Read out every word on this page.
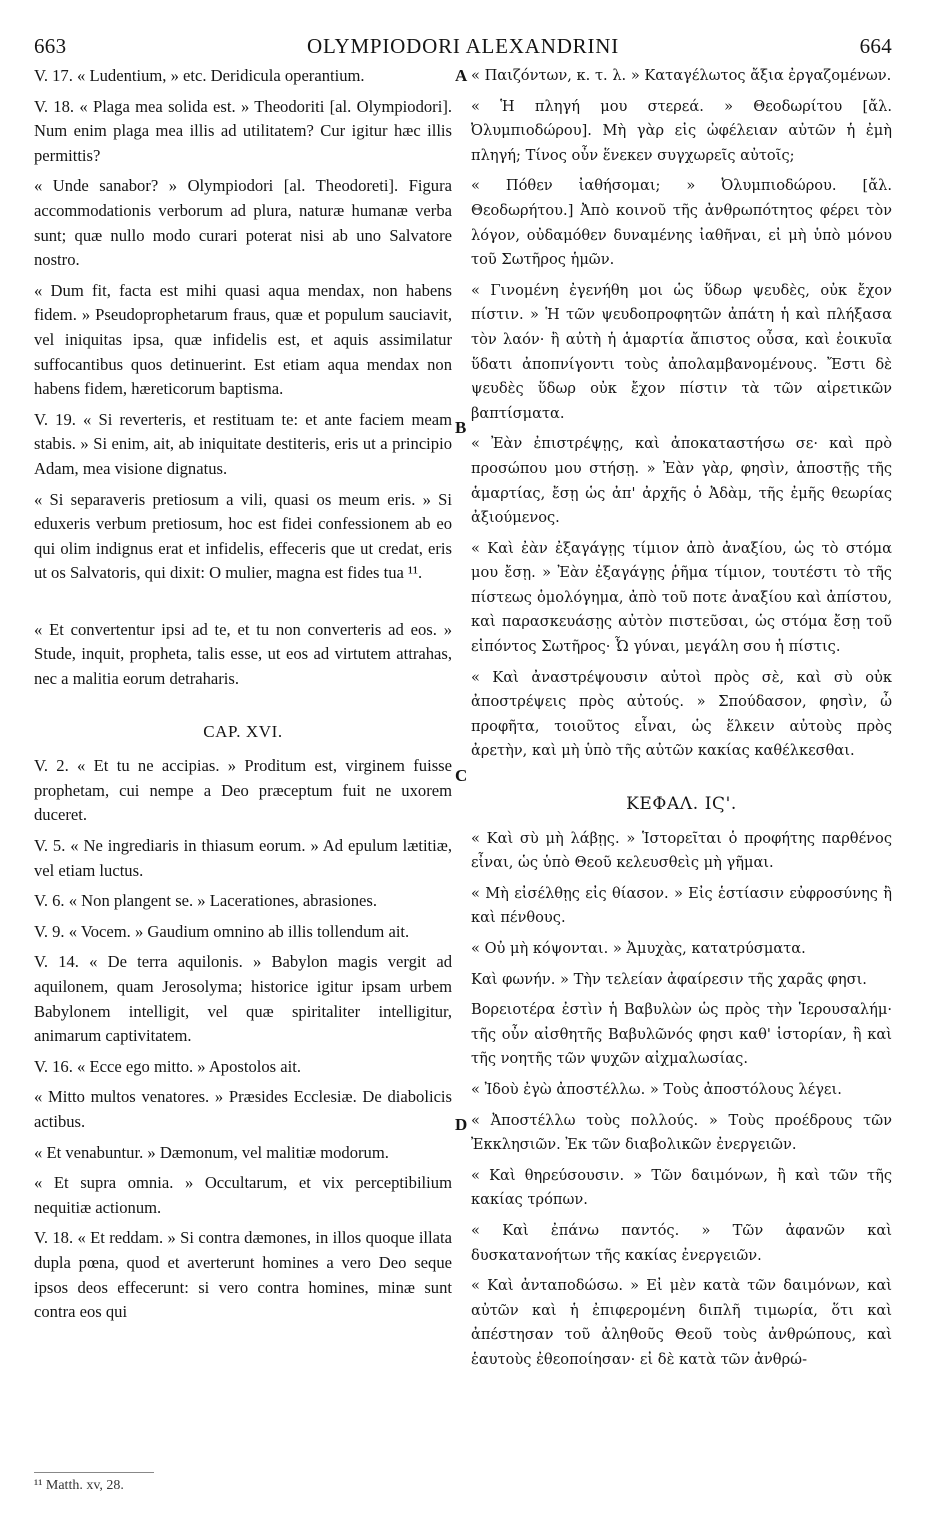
663	OLYMPIODORI ALEXANDRINI	664

V. 17. « Ludentium, » etc. Deridicula operantium.

V. 18. « Plaga mea solida est. » Theodoriti [al. Olympiodori]. Num enim plaga mea illis ad utilitatem? Cur igitur hæc illis permittis?

« Unde sanabor? » Olympiodori [al. Theodoreti]. Figura accommodationis verborum ad plura, naturæ humanæ verba sunt; quæ nullo modo curari poterat nisi ab uno Salvatore nostro.

« Dum fit, facta est mihi quasi aqua mendax, non habens fidem. » Pseudoprophetarum fraus, quæ et populum sauciavit, vel iniquitas ipsa, quæ infidelis est, et aquis assimilatur suffocantibus quos detinuerint. Est etiam aqua mendax non habens fidem, hæreticorum baptisma.

V. 19. « Si reverteris, et restituam te: et ante faciem meam stabis. » Si enim, ait, ab iniquitate destiteris, eris ut a principio Adam, mea visione dignatus.

« Si separaveris pretiosum a vili, quasi os meum eris. » Si eduxeris verbum pretiosum, hoc est fidei confessionem ab eo qui olim indignus erat et infidelis, effeceris que ut credat, eris ut os Salvatoris, qui dixit: O mulier, magna est fides tua ¹¹.

« Et convertentur ipsi ad te, et tu non converteris ad eos. » Stude, inquit, propheta, talis esse, ut eos ad virtutem attrahas, nec a malitia eorum detraharis.

CAP. XVI.

V. 2. « Et tu ne accipias. » Proditum est, virginem fuisse prophetam, cui nempe a Deo præceptum fuit ne uxorem duceret.

V. 5. « Ne ingrediaris in thiasum eorum. » Ad epulum lætitiæ, vel etiam luctus.

V. 6. « Non plangent se. » Lacerationes, abrasiones.

V. 9. « Vocem. » Gaudium omnino ab illis tollendum ait.

V. 14. « De terra aquilonis. » Babylon magis vergit ad aquilonem, quam Jerosolyma; historice igitur ipsam urbem Babylonem intelligit, vel quæ spiritaliter intelligitur, animarum captivitatem.

V. 16. « Ecce ego mitto. » Apostolos ait.

« Mitto multos venatores. » Præsides Ecclesiæ. De diabolicis actibus.

« Et venabuntur. » Dæmonum, vel malitiæ modorum.

« Et supra omnia. » Occultarum, et vix perceptibilium nequitiæ actionum.

V. 18. « Et reddam. » Si contra dæmones, in illos quoque illata dupla pœna, quod et averterunt homines a vero Deo seque ipsos deos effecerunt: si vero contra homines, minæ sunt contra eos qui

« Παιζόντων, κ. τ. λ. » Καταγέλωτος ἄξια ἐργαζομένων.

« Ἡ πληγή μου στερεά. » Θεοδωρίτου [ἄλ. Ὀλυμπιοδώρου]. Μὴ γὰρ εἰς ὠφέλειαν αὐτῶν ἡ ἐμὴ πληγή; Τίνος οὖν ἕνεκεν συγχωρεῖς αὐτοῖς;

« Πόθεν ἰαθήσομαι; » Ὀλυμπιοδώρου. [ἄλ. Θεοδωρήτου.] Ἀπὸ κοινοῦ τῆς ἀνθρωπότητος φέρει τὸν λόγον, οὐδαμόθεν δυναμένης ἰαθῆναι, εἰ μὴ ὑπὸ μόνου τοῦ Σωτῆρος ἡμῶν.

« Γινομένη ἐγενήθη μοι ὡς ὕδωρ ψευδὲς, οὐκ ἔχον πίστιν. » Ἡ τῶν ψευδοπροφητῶν ἀπάτη ἡ καὶ πλήξασα τὸν λαόν· ἢ αὐτὴ ἡ ἁμαρτία ἄπιστος οὖσα, καὶ ἐοικυῖα ὕδατι ἀποπνίγοντι τοὺς ἀπολαμβανομένους. Ἔστι δὲ ψευδὲς ὕδωρ οὐκ ἔχον πίστιν τὰ τῶν αἱρετικῶν βαπτίσματα.

« Ἐὰν ἐπιστρέψῃς, καὶ ἀποκαταστήσω σε· καὶ πρὸ προσώπου μου στήσῃ. » Ἐὰν γὰρ, φησὶν, ἀποστῇς τῆς ἁμαρτίας, ἔσῃ ὡς ἀπ' ἀρχῆς ὁ Ἀδὰμ, τῆς ἐμῆς θεωρίας ἀξιούμενος.

« Καὶ ἐὰν ἐξαγάγῃς τίμιον ἀπὸ ἀναξίου, ὡς τὸ στόμα μου ἔσῃ. » Ἐὰν ἐξαγάγῃς ῥῆμα τίμιον, τουτέστι τὸ τῆς πίστεως ὁμολόγημα, ἀπὸ τοῦ ποτε ἀναξίου καὶ ἀπίστου, καὶ παρασκευάσῃς αὐτὸν πιστεῦσαι, ὡς στόμα ἔσῃ τοῦ εἰπόντος Σωτῆρος· Ὦ γύναι, μεγάλη σου ἡ πίστις.

« Καὶ ἀναστρέψουσιν αὐτοὶ πρὸς σὲ, καὶ σὺ οὐκ ἀποστρέψεις πρὸς αὐτούς. » Σπούδασον, φησὶν, ὦ προφῆτα, τοιοῦτος εἶναι, ὡς ἕλκειν αὐτοὺς πρὸς ἀρετὴν, καὶ μὴ ὑπὸ τῆς αὐτῶν κακίας καθέλκεσθαι.

ΚΕΦΑΛ. ΙϚ'.

« Καὶ σὺ μὴ λάβῃς. » Ἱστορεῖται ὁ προφήτης παρθένος εἶναι, ὡς ὑπὸ Θεοῦ κελευσθεὶς μὴ γῆμαι.

« Μὴ εἰσέλθῃς εἰς θίασον. » Εἰς ἑστίασιν εὐφροσύνης ἢ καὶ πένθους.

« Οὐ μὴ κόψονται. » Ἀμυχὰς, κατατρύσματα.

Καὶ φωνήν. » Τὴν τελείαν ἀφαίρεσιν τῆς χαρᾶς φησι.

Βορειοτέρα ἐστὶν ἡ Βαβυλὼν ὡς πρὸς τὴν Ἱερουσαλήμ· τῆς οὖν αἰσθητῆς Βαβυλῶνός φησι καθ' ἱστορίαν, ἢ καὶ τῆς νοητῆς τῶν ψυχῶν αἰχμαλωσίας.

« Ἰδοὺ ἐγὼ ἀποστέλλω. » Τοὺς ἀποστόλους λέγει.

« Ἀποστέλλω τοὺς πολλούς. » Τοὺς προέδρους τῶν Ἐκκλησιῶν. Ἐκ τῶν διαβολικῶν ἐνεργειῶν.

« Καὶ θηρεύσουσιν. » Τῶν δαιμόνων, ἢ καὶ τῶν τῆς κακίας τρόπων.

« Καὶ ἐπάνω παντός. » Τῶν ἀφανῶν καὶ δυσκατανοήτων τῆς κακίας ἐνεργειῶν.

« Καὶ ἀνταποδώσω. » Εἰ μὲν κατὰ τῶν δαιμόνων, καὶ αὐτῶν καὶ ἡ ἐπιφερομένη διπλῆ τιμωρία, ὅτι καὶ ἀπέστησαν τοῦ ἀληθοῦς Θεοῦ τοὺς ἀνθρώπους, καὶ ἑαυτοὺς ἐθεοποίησαν· εἰ δὲ κατὰ τῶν ἀνθρώ-

A
B
C
D
¹¹ Matth. xv, 28.
